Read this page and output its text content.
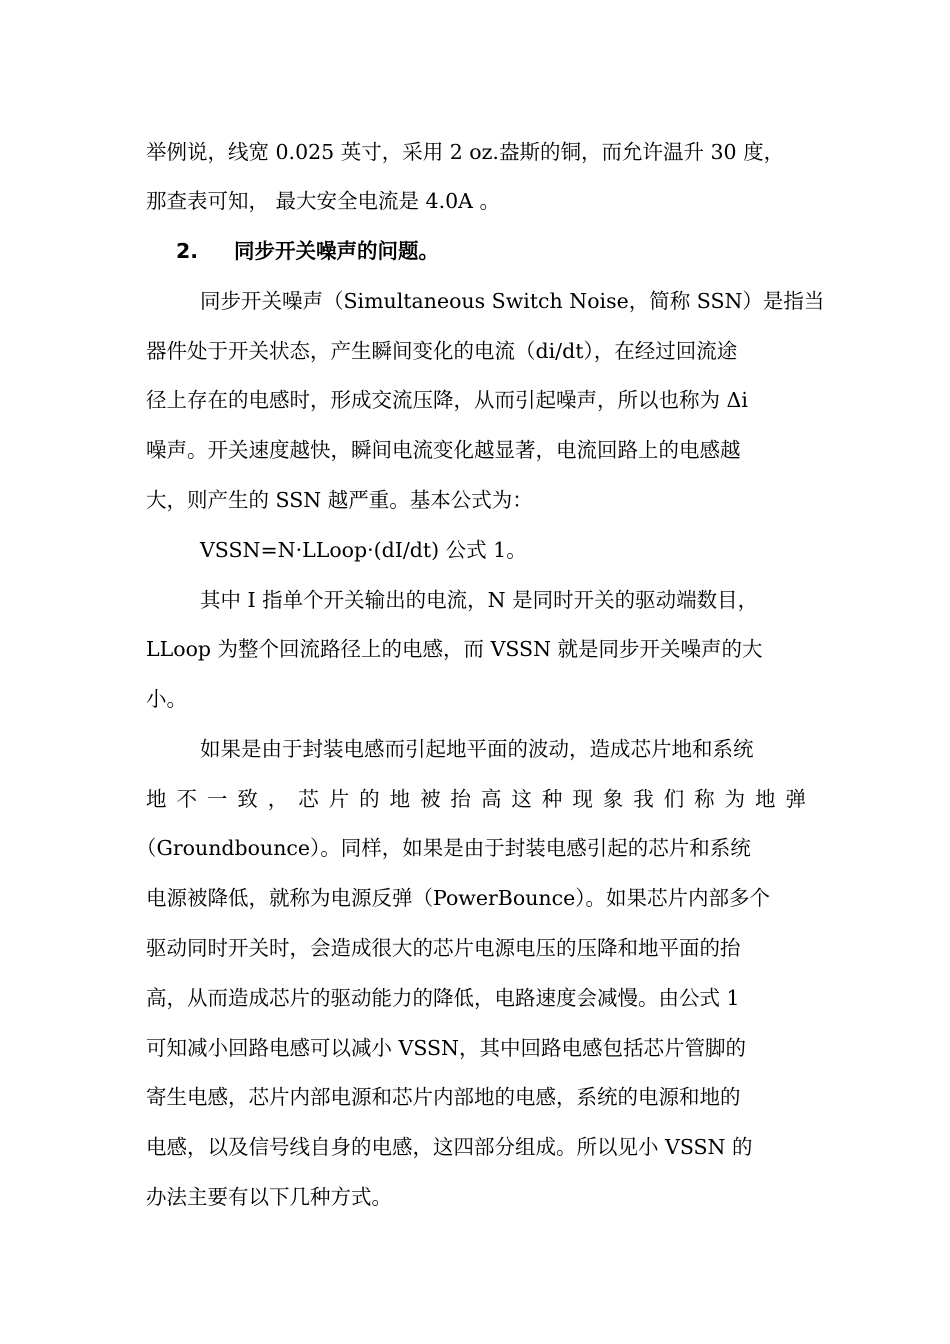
举例说，线宽 0.025 英寸，采用 2 oz.盎斯的铜，而允许温升 30 度，
那查表可知， 最大安全电流是 4.0A 。
2. 同步开关噪声的问题。
同步开关噪声（Simultaneous Switch Noise，简称 SSN）是指当
器件处于开关状态，产生瞬间变化的电流（di/dt），在经过回流途
径上存在的电感时，形成交流压降，从而引起噪声，所以也称为 Δi
噪声。开关速度越快，瞬间电流变化越显著，电流回路上的电感越
大，则产生的 SSN 越严重。基本公式为：
VSSN=N·LLoop·(dI/dt) 公式 1。
其中 I 指单个开关输出的电流，N 是同时开关的驱动端数目，
LLoop 为整个回流路径上的电感，而 VSSN 就是同步开关噪声的大
小。
如果是由于封装电感而引起地平面的波动，造成芯片地和系统
地 不 一 致 ， 芯 片 的 地 被 抬 高 这 种 现 象 我 们 称 为 地 弹
（Groundbounce）。同样，如果是由于封装电感引起的芯片和系统
电源被降低，就称为电源反弹（PowerBounce）。如果芯片内部多个
驱动同时开关时，会造成很大的芯片电源电压的压降和地平面的抬
高，从而造成芯片的驱动能力的降低，电路速度会减慢。由公式 1
可知减小回路电感可以减小 VSSN，其中回路电感包括芯片管脚的
寄生电感，芯片内部电源和芯片内部地的电感，系统的电源和地的
电感，以及信号线自身的电感，这四部分组成。所以见小 VSSN 的
办法主要有以下几种方式。
